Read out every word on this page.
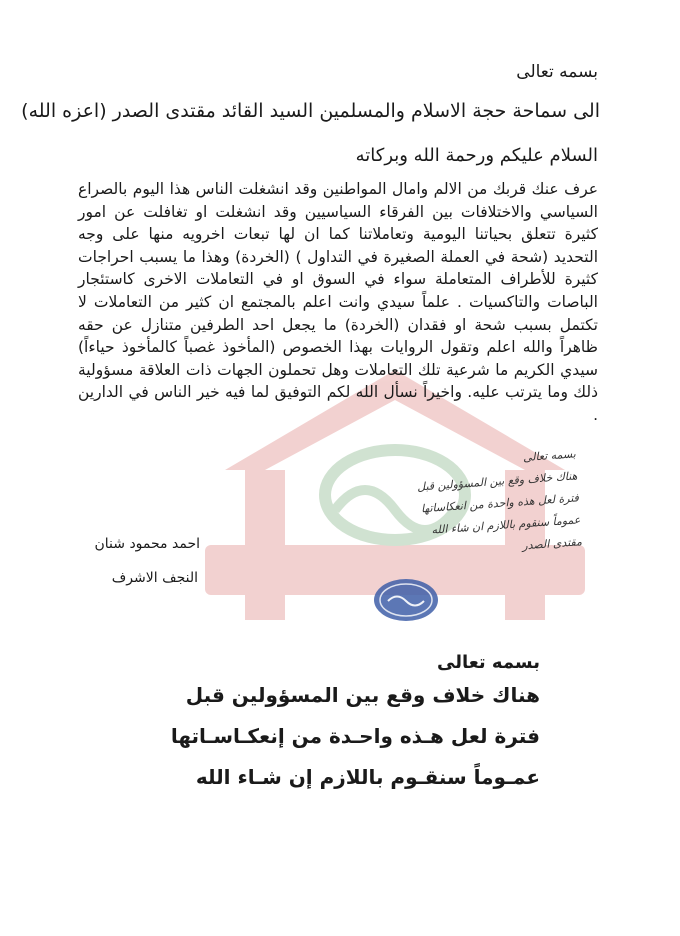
بسمه تعالى
الى سماحة حجة الاسلام والمسلمين السيد القائد مقتدى الصدر (اعزه الله)
السلام عليكم ورحمة الله وبركاته
عرف عنك قربك من الالم وامال المواطنين وقد انشغلت الناس هذا اليوم بالصراع السياسي والاختلافات بين الفرقاء السياسيين وقد انشغلت او تغافلت عن امور كثيرة تتعلق بحياتنا اليومية وتعاملاتنا كما ان لها تبعات اخرويه منها على وجه التحديد (شحة في العملة الصغيرة في التداول ) (الخردة) وهذا ما يسبب احراجات كثيرة للأطراف المتعاملة سواء في السوق او في التعاملات الاخرى كاستئجار الباصات والتاكسيات . علماً سيدي وانت اعلم بالمجتمع ان كثير من التعاملات لا تكتمل بسبب شحة او فقدان (الخردة) ما يجعل احد الطرفين متنازل عن حقه ظاهراً والله اعلم وتقول الروايات بهذا الخصوص (المأخوذ غصباً كالمأخوذ حياءاً) سيدي الكريم ما شرعية تلك التعاملات وهل تحملون الجهات ذات العلاقة مسؤولية ذلك وما يترتب عليه. واخيراً نسأل الله لكم التوفيق لما فيه خير الناس في الدارين .
بسمه تعالى
هناك خلاف وقع بين المسؤولين قبل
فترة لعل هذه واحدة من انعكاساتها
عموماً سنقوم باللازم ان شاء الله
مقتدى الصدر
احمد محمود شنان
النجف الاشرف
بسمه تعالى
هناك خلاف وقع بين المسؤولين قبل
فترة لعل هـذه واحـدة من إنعكـاسـاتها
عمـوماً سنقـوم باللازم إن شـاء الله
